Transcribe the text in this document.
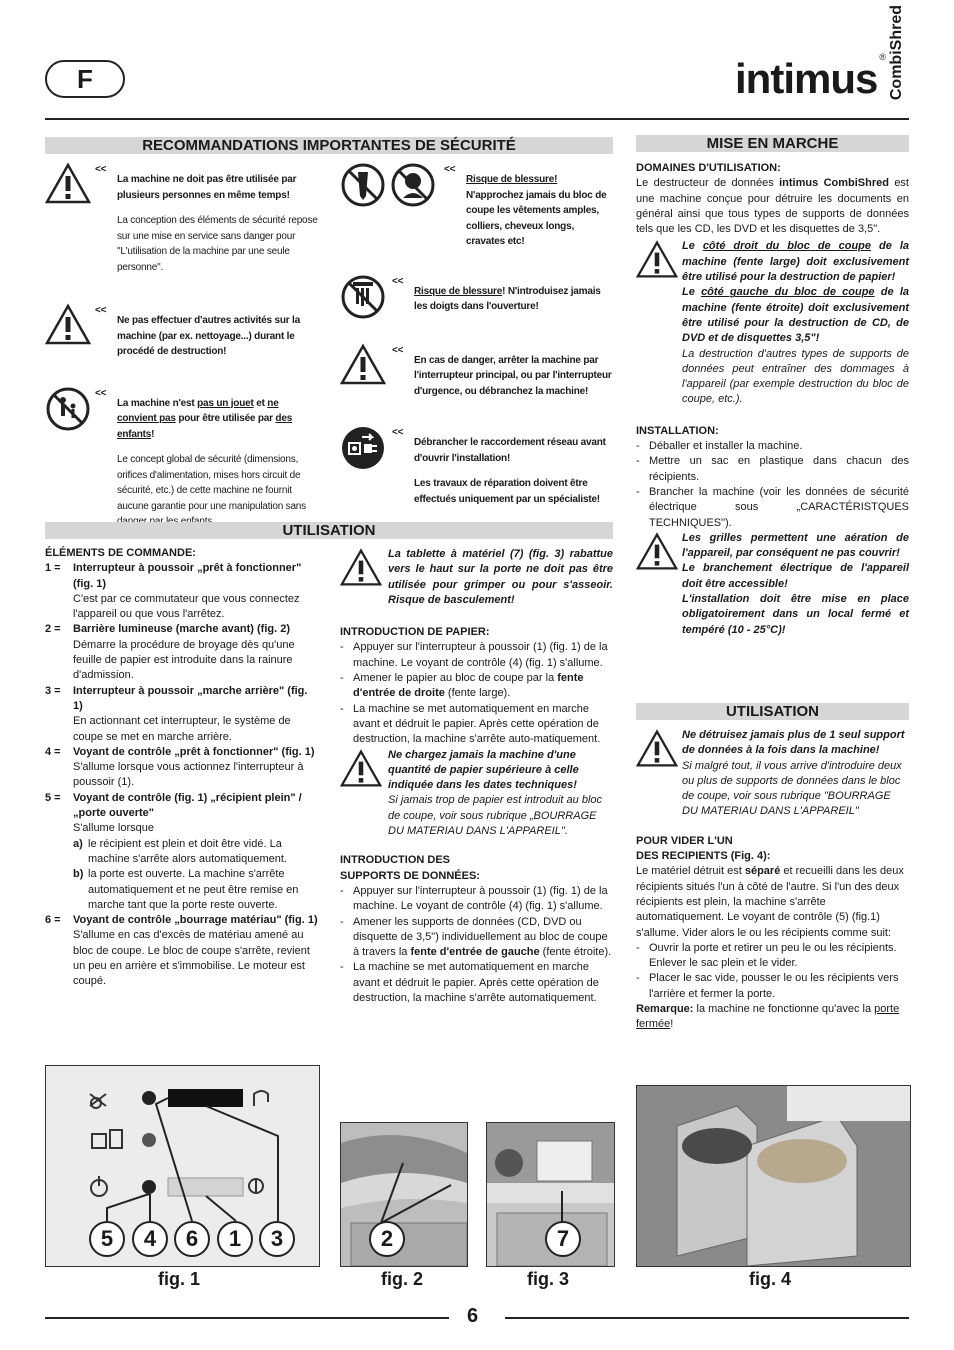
F	intimus ® CombiShred
RECOMMANDATIONS IMPORTANTES DE SÉCURITÉ
<<

La machine ne doit pas être utilisée par plusieurs personnes en même temps!

La conception des éléments de sécurité repose sur une mise en service sans danger pour "L'utilisation de la machine par une seule personne".

<<

Ne pas effectuer d'autres activités sur la machine (par ex. nettoyage...) durant le procédé de destruction!

<<

La machine n'est pas un jouet et ne convient pas pour être utilisée par des enfants!

Le concept global de sécurité (dimensions, orifices d'alimentation, mises hors circuit de sécurité, etc.) de cette machine ne fournit aucune garantie pour une manipulation sans

<<

Risque de blessure! N'approchez jamais du bloc de coupe les vêtements amples, colliers, cheveux longs, cravates etc!

<<

Risque de blessure! N'introduisez jamais les doigts dans l'ouverture!

<<

En cas de danger, arrêter la machine par l'interrupteur principal, ou par l'interrupteur d'urgence, ou débranchez la machine!

<<

Débrancher le raccordement réseau avant d'ouvrir l'installation!

Les travaux de réparation doivent être effectués uniquement par un spécialiste!

MISE EN MARCHE

DOMAINES D'UTILISATION:

Le destructeur de données intimus CombiShred est une machine conçue pour détruire les documents en général ainsi que tous types de supports de données tels que les CD, les DVD et les disquettes de 3,5".

Le côté droit du bloc de coupe de la machine (fente large) doit exclusivement être utilisé pour la destruction de papier!

Le côté gauche du bloc de coupe de la machine (fente étroite) doit exclusivement être utilisé pour la destruction de CD, de DVD et de disquettes 3,5"!

La destruction d'autres types de supports de données peut entraîner des dommages à l'appareil (par exemple destruction du bloc de coupe, etc.).

INSTALLATION:

- Déballer et installer la machine.
- Mettre un sac en plastique dans chacun des récipients.
- Brancher la machine (voir les données de sécurité électrique sous „CARACTÉRISTQUES TECHNIQUES").

Les grilles permettent une aération de l'appareil, par conséquent ne pas couvrir!

Le branchement électrique de l'appareil doit être accessible!

L'installation doit être mise en place obligatoirement dans un local fermé et tempéré (10 - 25°C)!

UTILISATION

ÉLÉMENTS DE COMMANDE:

1 =	Interrupteur à poussoir „prêt à fonctionner" (fig. 1)

C'est par ce commutateur que vous connectez l'appareil ou que vous l'arrêtez.

2 =	Barrière lumineuse (marche avant) (fig. 2)

Démarre la procédure de broyage dès qu'une feuille de papier est introduite dans la rainure d'admission.

3 =	Interrupteur à poussoir „marche arrière" (fig. 1)

En actionnant cet interrupteur, le système de coupe se met en marche arrière.

4 =	Voyant de contrôle „prêt à fonctionner" (fig. 1)

S'allume lorsque vous actionnez l'interrupteur à poussoir (1).

5 =	Voyant de contrôle (fig. 1) „récipient plein" / „porte ouverte"

S'allume lorsque

a) le récipient est plein et doit être vidé. La machine s'arrête alors automatiquement.
b) la porte est ouverte. La machine s'arrête automatiquement et ne peut être remise en marche tant que la porte reste ouverte.
6 =	Voyant de contrôle „bourrage matériau" (fig. 1)

S'allume en cas d'excès de matériau amené au bloc de coupe. Le bloc de coupe s'arrête, revient un peu en arrière et s'immobilise. Le moteur est coupé.

La tablette à matériel (7) (fig. 3) rabattue vers le haut sur la porte ne doit pas être utilisée pour grimper ou pour s'asseoir. Risque de basculement!

INTRODUCTION DE PAPIER:

- Appuyer sur l'interrupteur à poussoir (1) (fig. 1) de la machine. Le voyant de contrôle (4) (fig. 1) s'allume.
- Amener le papier au bloc de coupe par la fente d'entrée de droite (fente large).
- La machine se met automatiquement en marche avant et dédruit le papier. Après cette opération de destruction, la machine s'arrête auto-matiquement.

Ne chargez jamais la machine d'une quantité de papier supérieure à celle indiquée dans les dates techniques!

Si jamais trop de papier est introduit au bloc de coupe, voir sous rubrique „BOURRAGE DU MATERIAU DANS L'APPAREIL".

INTRODUCTION DES
SUPPORTS DE DONNÉES:

- Appuyer sur l'interrupteur à poussoir (1) (fig. 1) de la machine. Le voyant de contrôle (4) (fig. 1) s'allume.
- Amener les supports de données (CD, DVD ou disquette de 3,5") individuellement au bloc de coupe à travers la fente d'entrée de gauche (fente étroite).
- La machine se met automatiquement en marche avant et dédruit le papier. Après cette opération de destruction, la machine s'arrête automatiquement.
UTILISATION

Ne détruisez jamais plus de 1 seul support de données à la fois dans la machine!

Si malgré tout, il vous arrive d'introduire deux ou plus de supports de données dans le bloc de coupe, voir sous rubrique "BOURRAGE DU MATERIAU DANS L'APPAREIL"

POUR VIDER L'UN
DES RECIPIENTS (Fig. 4):

Le matériel détruit est séparé et recueilli dans les deux récipients situés l'un à côté de l'autre. Si l'un des deux récipients est plein, la machine s'arrête automatiquement. Le voyant de contrôle (5) (fig.1) s'allume. Vider alors le ou les récipients comme suit:

- Ouvrir la porte et retirer un peu le ou les récipients. Enlever le sac plein et le vider.
- Placer le sac vide, pousser le ou les récipients vers l'arrière et fermer la porte.

Remarque: la machine ne fonctionne qu'avec la porte fermée!

5	4	6	1	3	2	7
fig. 1	fig. 2	fig. 3	fig. 4
6
